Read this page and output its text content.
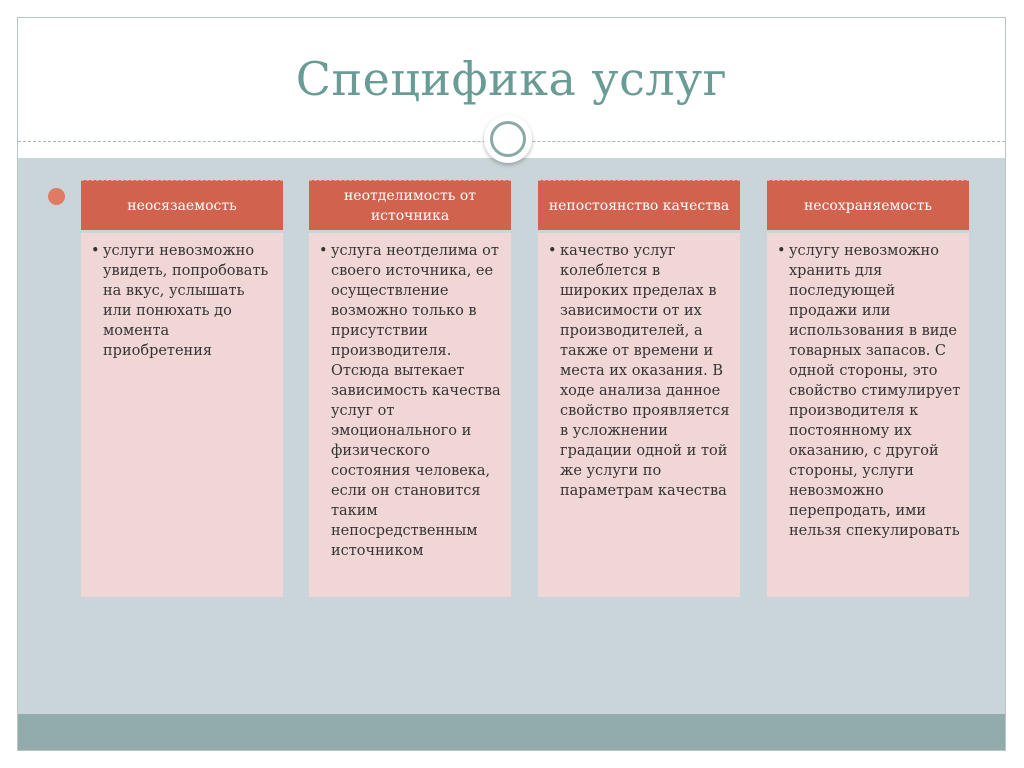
Специфика услуг
неосязаемость
• услуги невозможно увидеть, попробовать на вкус, услышать или понюхать до момента приобретения
неотделимость от источника
• услуга неотделима от своего источника, ее осуществление возможно только в присутствии производителя. Отсюда вытекает зависимость качества услуг от эмоционального и физического состояния человека, если он становится таким непосредственным источником
непостоянство качества
• качество услуг колеблется в широких пределах в зависимости от их производителей, а также от времени и места их оказания. В ходе анализа данное свойство проявляется в усложнении градации одной и той же услуги по параметрам качества
несохраняемость
• услугу невозможно хранить для последующей продажи или использования в виде товарных запасов. С одной стороны, это свойство стимулирует производителя к постоянному их оказанию, с другой стороны, услуги невозможно перепродать, ими нельзя спекулировать
